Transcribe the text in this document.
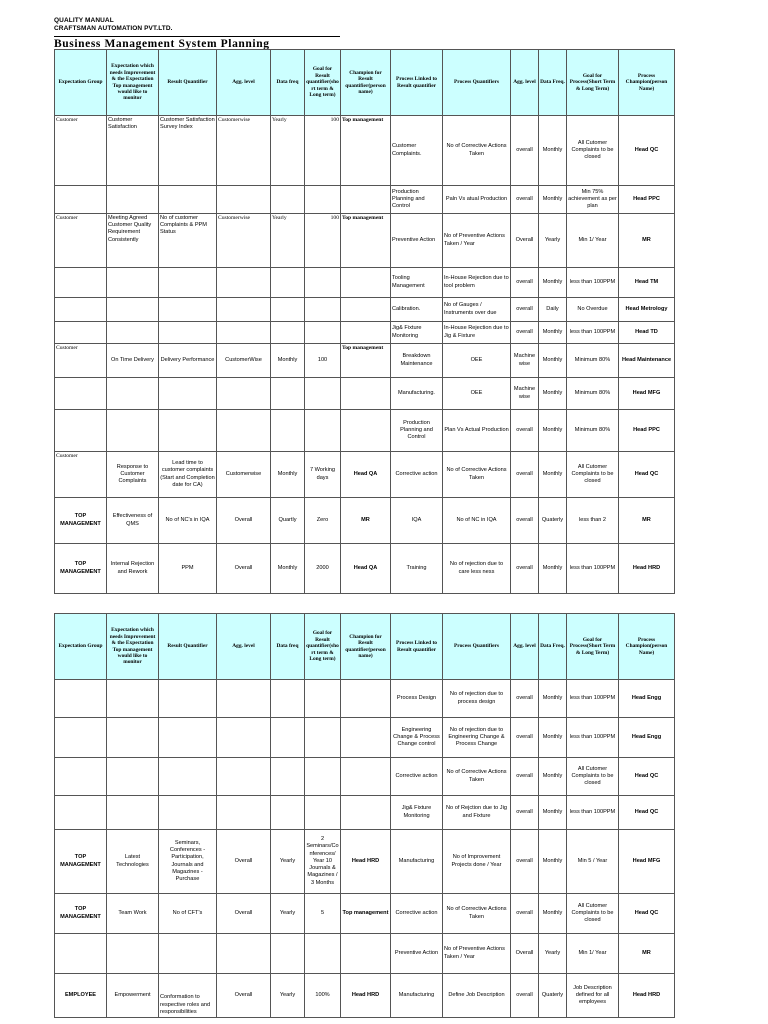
QUALITY MANUAL
CRAFTSMAN AUTOMATION PVT.LTD.
Business Management System Planning
Expectation Group	Expectation which needs Improvement & the Expectation Top management would like to monitor	Result Quantifier	Agg. level	Data freq	Goal for Result quantifier(short term & Long term)	Champion for Result quantifier(person name)	Process Linked to Result quantifier	Process Quantifiers	Agg. level	Data Freq.	Goal for Process(Short Term & Long Term)	Process Champion(person Name)
Customer	Customer Satisfaction	Customer Satisfaction Survey Index	Customerwise	Yearly	100	Top management	Customer Complaints.	No of Corrective Actions Taken	overall	Monthly	All Cutomer Complaints to be closed	Head QC
							Production Planning and Control	Paln Vs atual Production	overall	Monthly	Min 75% achievement as per plan	Head PPC
Customer	Meeting Agreed Customer Quality Requirement Consistently	No of customer Complaints & PPM Status	Customerwise	Yearly	100	Top management	Preventive Action	No of Preventive Actions Taken / Year	Overall	Yearly	Min 1/ Year	MR
							Tooling Management	In-House Rejection due to tool problem	overall	Monthly	less than 100PPM	Head TM
							Calibration.	No of Gauges / Instruments over due	overall	Daily	No Overdue	Head Metrology
							Jig& Fixture Monitoring	In-House Rejection due to Jig & Fixture	overall	Monthly	less than 100PPM	Head TD
Customer	On Time Delivery	Delivery Performance	CustomerWise	Monthly	100	Top management	Breakdown Maintenance	OEE	Machine wise	Monthly	Minimum 80%	Head Maintenance
							Manufacturing.	OEE	Machine wise	Monthly	Minimum 80%	Head MFG
							Production Planning and Control	Plan Vs Actual Production	overall	Monthly	Minimum 80%	Head PPC
Customer	Response to Customer Complaints	Lead time to customer complaints (Start and Completion date for CA)	Customerwise	Monthly	7 Working days	Head QA	Corrective action	No of Corrective Actions Taken	overall	Monthly	All Cutomer Complaints to be closed	Head QC
TOP MANAGEMENT	Effectiveness of QMS	No of NC's in IQA	Overall	Quartly	Zero	MR	IQA	No of NC in IQA	overall	Quaterly	less than 2	MR
TOP MANAGEMENT	Internal Rejection and Rework	PPM	Overall	Monthly	2000	Head QA	Training	No of rejection due to care less ness	overall	Monthly	less than 100PPM	Head HRD
Expectation Group	Expectation which needs Improvement & the Expectation Top management would like to monitor	Result Quantifier	Agg. level	Data freq	Goal for Result quantifier(short term & Long term)	Champion for Result quantifier(person name)	Process Linked to Result quantifier	Process Quantifiers	Agg. level	Data Freq.	Goal for Process(Short Term & Long Term)	Process Champion(person Name)
							Process Design	No of rejection due to process design	overall	Monthly	less than 100PPM	Head Engg
							Engineering Change & Process Change control	No of rejection due to Engineering Change & Process Change	overall	Monthly	less than 100PPM	Head Engg
							Corrective action	No of Corrective Actions Taken	overall	Monthly	All Cutomer Complaints to be closed	Head QC
							Jig& Fixture Monitoring	No of Rejction due to Jig and Fixture	overall	Monthly	less than 100PPM	Head QC
TOP MANAGEMENT	Latest Technologies	Seminars, Conferences - Participation, Journals and Magazines - Purchase	Overall	Yearly	2 Seminars/Conferences/ Year 10 Journals & Magazines / 3 Months	Head HRD	Manufacturing	No of Improvement Projects done / Year	overall	Monthly	Min 5 / Year	Head MFG
TOP MANAGEMENT	Team Work	No of CFT's	Overall	Yearly	5	Top management	Corrective action	No of Corrective Actions Taken	overall	Monthly	All Cutomer Complaints to be closed	Head QC
							Preventive Action	No of Preventive Actions Taken / Year	Overall	Yearly	Min 1/ Year	MR
EMPLOYEE	Empowerment	Conformation to respective roles and responsibilities	Overall	Yearly	100%	Head HRD	Manufacturing	Define Job Description	overall	Quaterly	Job Description defined for all employees	Head HRD
